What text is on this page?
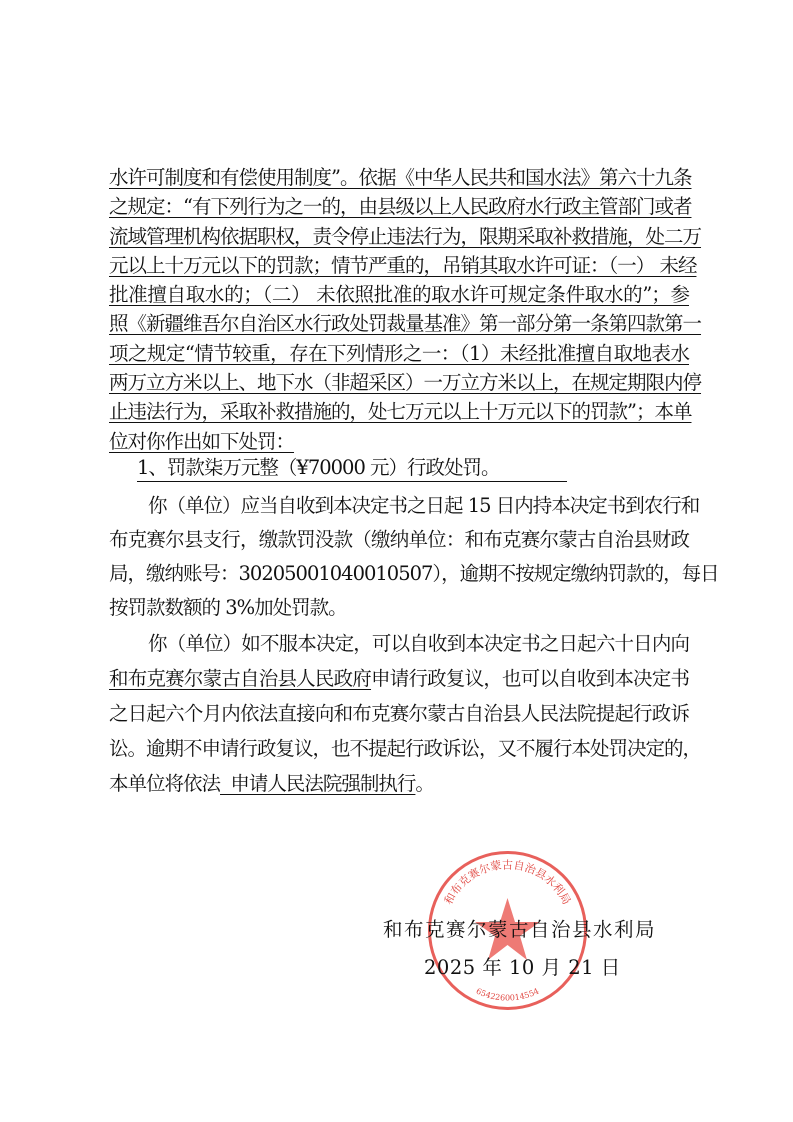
水许可制度和有偿使用制度”。依据《中华人民共和国水法》第六十九条
之规定：“有下列行为之一的，由县级以上人民政府水行政主管部门或者
流域管理机构依据职权，责令停止违法行为，限期采取补救措施，处二万
元以上十万元以下的罚款；情节严重的，吊销其取水许可证：（一） 未经
批准擅自取水的；（二） 未依照批准的取水许可规定条件取水的”；参
照《新疆维吾尔自治区水行政处罚裁量基准》第一部分第一条第四款第一
项之规定“情节较重，存在下列情形之一：（1）未经批准擅自取地表水
两万立方米以上、地下水（非超采区）一万立方米以上，在规定期限内停
止违法行为，采取补救措施的，处七万元以上十万元以下的罚款”；本单
位对你作出如下处罚：
1、罚款柒万元整（¥70000 元）行政处罚。
你（单位）应当自收到本决定书之日起 15 日内持本决定书到农行和
布克赛尔县支行，缴款罚没款（缴纳单位：和布克赛尔蒙古自治县财政
局，缴纳账号：30205001040010507），逾期不按规定缴纳罚款的，每日
按罚款数额的 3%加处罚款。
你（单位）如不服本决定，可以自收到本决定书之日起六十日内向
和布克赛尔蒙古自治县人民政府申请行政复议，也可以自收到本决定书
之日起六个月内依法直接向和布克赛尔蒙古自治县人民法院提起行政诉
讼。逾期不申请行政复议，也不提起行政诉讼，又不履行本处罚决定的，
本单位将依法  申请人民法院强制执行。
和布克赛尔蒙古自治县水利局
6542260014554
和布克赛尔蒙古自治县水利局
2025 年 10 月 21 日
